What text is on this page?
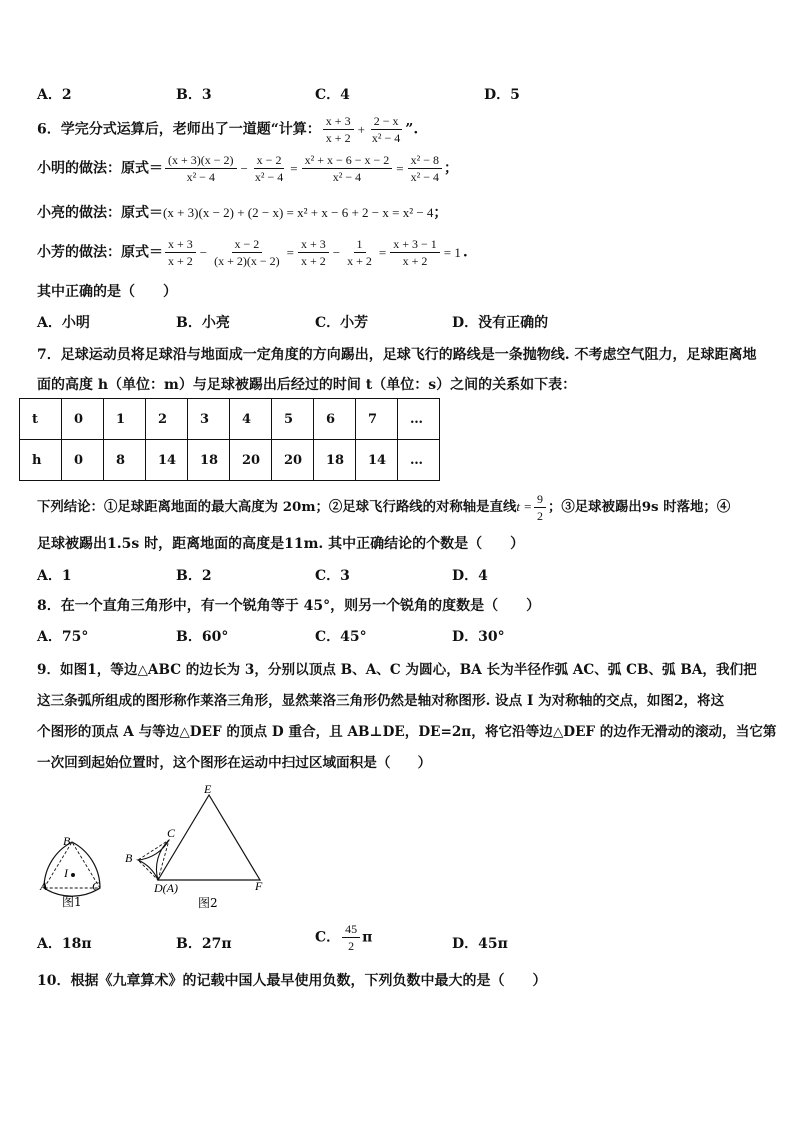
A．2	B．3	C．4	D．5
6．学完分式运算后，老师出了一道题“计算： $\frac{x + 3}{x + 2} + \frac{2 - x}{\text{x² − 4}}$ ”.
小明的做法：原式＝ $\frac{(x + 3)(x - 2)}{\text{x² − 4}} - \frac{x - 2}{\text{x² − 4}} = \frac{\text{x² + x − 6 − x − 2}}{\text{x² − 4}} = \frac{\text{x² − 8}}{\text{x² − 4}}$ ；
小亮的做法：原式＝(x + 3)(x − 2) + (2 − x) = x² + x − 6 + 2 − x = x² − 4；
小芳的做法：原式＝ $\frac{x + 3}{x + 2} - \frac{x - 2}{(x + 2)(x - 2)} = \frac{x + 3}{x + 2} - \frac{1}{x + 2} = \frac{x + 3 - 1}{x + 2} = 1$ .
其中正确的是（　　）
A．小明	B．小亮	C．小芳	D．没有正确的
7．足球运动员将足球沿与地面成一定角度的方向踢出，足球飞行的路线是一条抛物线. 不考虑空气阻力，足球距离地
面的高度 h（单位：m）与足球被踢出后经过的时间 t（单位：s）之间的关系如下表：
t	0	1	2	3	4	5	6	7	…
h	0	8	14	18	20	20	18	14	…
下列结论：①足球距离地面的最大高度为 20m；②足球飞行路线的对称轴是直线$t = \frac{9}{2}$ ；③足球被踢出9s 时落地；④
足球被踢出1.5s 时，距离地面的高度是11m. 其中正确结论的个数是（　　）
A．1	B．2	C．3	D．4
8．在一个直角三角形中，有一个锐角等于 45°，则另一个锐角的度数是（　　）
A．75°	B．60°	C．45°	D．30°
9．如图1，等边△ABC 的边长为 3，分别以顶点 B、A、C 为圆心，BA 长为半径作弧 AC、弧 CB、弧 BA，我们把
这三条弧所组成的图形称作莱洛三角形，显然莱洛三角形仍然是轴对称图形. 设点 I 为对称轴的交点，如图2，将这
个图形的顶点 A 与等边△DEF 的顶点 D 重合，且 AB⊥DE，DE=2π，将它沿等边△DEF 的边作无滑动的滚动，当它第
一次回到起始位置时，这个图形在运动中扫过区域面积是（　　）
B
I
A	C
图1
E
C
B
D(A)	F
图2
A．18π	B．27π	C． $\frac{45}{2}$ π	D．45π
10．根据《九章算术》的记载中国人最早使用负数，下列负数中最大的是（　　）
